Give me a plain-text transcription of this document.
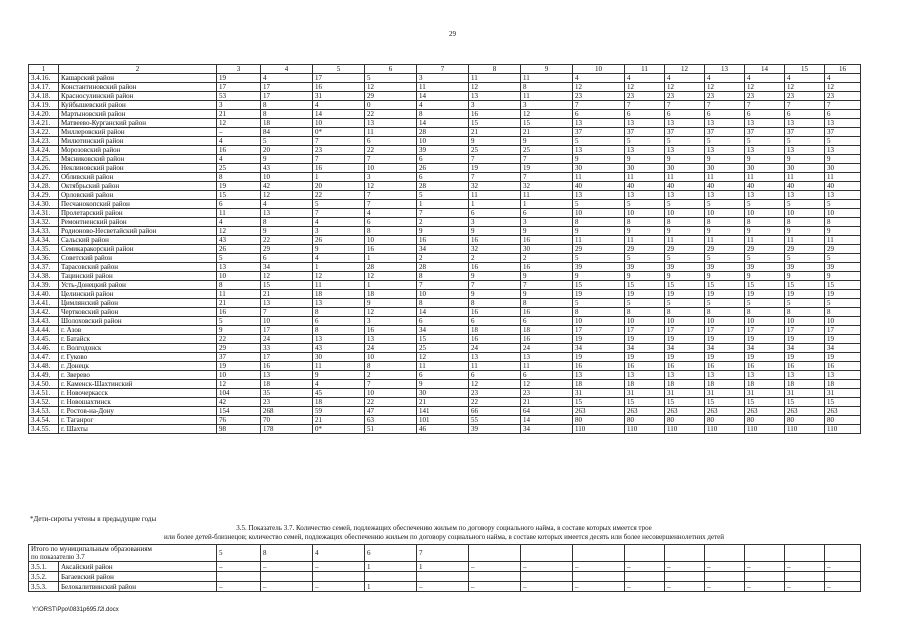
29
1	2	3	4	5	6	7	8	9	10	11	12	13	14	15	16
3.4.16.	Кашарский район	19	4	17	5	3	11	11	4	4	4	4	4	4	4
3.4.17.	Константиновский район	17	17	16	12	11	12	8	12	12	12	12	12	12	12
3.4.18.	Красносулинский район	53	17	31	29	14	13	11	23	23	23	23	23	23	23
3.4.19.	Куйбышевский район	3	8	4	0	4	3	3	7	7	7	7	7	7	7
3.4.20.	Мартыновский район	21	8	14	22	8	16	12	6	6	6	6	6	6	6
3.4.21.	Матвеево-Курганский район	12	18	10	13	14	15	15	13	13	13	13	13	13	13
3.4.22.	Миллеровский район	–	84	0*	11	28	21	21	37	37	37	37	37	37	37
3.4.23.	Милютинский район	4	5	7	6	10	9	9	5	5	5	5	5	5	5
3.4.24.	Морозовский район	16	20	23	22	39	25	25	13	13	13	13	13	13	13
3.4.25.	Мясниковский район	4	9	7	7	6	7	7	9	9	9	9	9	9	9
3.4.26.	Неклиновский район	25	43	16	10	26	19	19	30	30	30	30	30	30	30
3.4.27.	Обливский район	8	10	1	3	6	7	7	11	11	11	11	11	11	11
3.4.28.	Октябрьский район	19	42	20	12	28	32	32	40	40	40	40	40	40	40
3.4.29.	Орловский район	15	12	22	7	5	11	11	13	13	13	13	13	13	13
3.4.30.	Песчанокопский район	6	4	5	7	1	1	1	5	5	5	5	5	5	5
3.4.31.	Пролетарский район	11	13	7	4	7	6	6	10	10	10	10	10	10	10
3.4.32.	Ремонтненский район	4	8	4	6	2	3	3	8	8	8	8	8	8	8
3.4.33.	Родионово-Несветайский район	12	9	3	8	9	9	9	9	9	9	9	9	9	9
3.4.34.	Сальский район	43	22	26	10	16	16	16	11	11	11	11	11	11	11
3.4.35.	Семикаракорский район	26	29	9	16	34	32	30	29	29	29	29	29	29	29
3.4.36.	Советский район	5	6	4	1	2	2	2	5	5	5	5	5	5	5
3.4.37.	Тарасовский район	13	34	1	28	28	16	16	39	39	39	39	39	39	39
3.4.38.	Тацинский район	10	12	12	12	8	9	9	9	9	9	9	9	9	9
3.4.39.	Усть-Донецкий район	8	15	11	1	7	7	7	15	15	15	15	15	15	15
3.4.40.	Целинский район	11	21	18	18	10	9	9	19	19	19	19	19	19	19
3.4.41.	Цимлянский район	21	13	13	9	8	8	8	5	5	5	5	5	5	5
3.4.42.	Чертковский район	16	7	8	12	14	16	16	8	8	8	8	8	8	8
3.4.43.	Шолоховский район	5	10	6	3	6	6	6	10	10	10	10	10	10	10
3.4.44.	г. Азов	9	17	8	16	34	18	18	17	17	17	17	17	17	17
3.4.45.	г. Батайск	22	24	13	13	15	16	16	19	19	19	19	19	19	19
3.4.46.	г. Волгодонск	29	33	43	24	25	24	24	34	34	34	34	34	34	34
3.4.47.	г. Гуково	37	17	30	10	12	13	13	19	19	19	19	19	19	19
3.4.48.	г. Донецк	19	16	11	8	11	11	11	16	16	16	16	16	16	16
3.4.49.	г. Зверево	10	13	9	2	6	6	6	13	13	13	13	13	13	13
3.4.50.	г. Каменск-Шахтинский	12	18	4	7	9	12	12	18	18	18	18	18	18	18
3.4.51.	г. Новочеркасск	104	35	45	10	30	23	23	31	31	31	31	31	31	31
3.4.52.	г. Новошахтинск	42	23	18	22	21	22	21	15	15	15	15	15	15	15
3.4.53.	г. Ростов-на-Дону	154	268	59	47	141	66	64	263	263	263	263	263	263	263
3.4.54.	г. Таганрог	76	70	21	63	101	55	14	80	80	80	80	80	80	80
3.4.55.	г. Шахты	98	178	0*	51	46	39	34	110	110	110	110	110	110	110
*Дети-сироты учтены в предыдущие годы
3.5. Показатель 3.7. Количество семей, подлежащих обеспечению жильем по договору социального найма, в составе которых имеется трое
или более детей-близнецов; количество семей, подлежащих обеспечению жильем по договору социального найма, в составе которых имеется десять или более несовершеннолетних детей
Итого по муниципальным образованиям
по показателю 3.7		5	8	4	6	7									
3.5.1.	Аксайский район	–	–	–	1	1	–	–	–	–	–	–	–	–	–
3.5.2.	Багаевский район														
3.5.3.	Белокалитвинский район	–	–	–	1	–	–	–	–	–	–	–	–	–	–
Y:\ORST\Ppo\0831p695.f2l.docx
